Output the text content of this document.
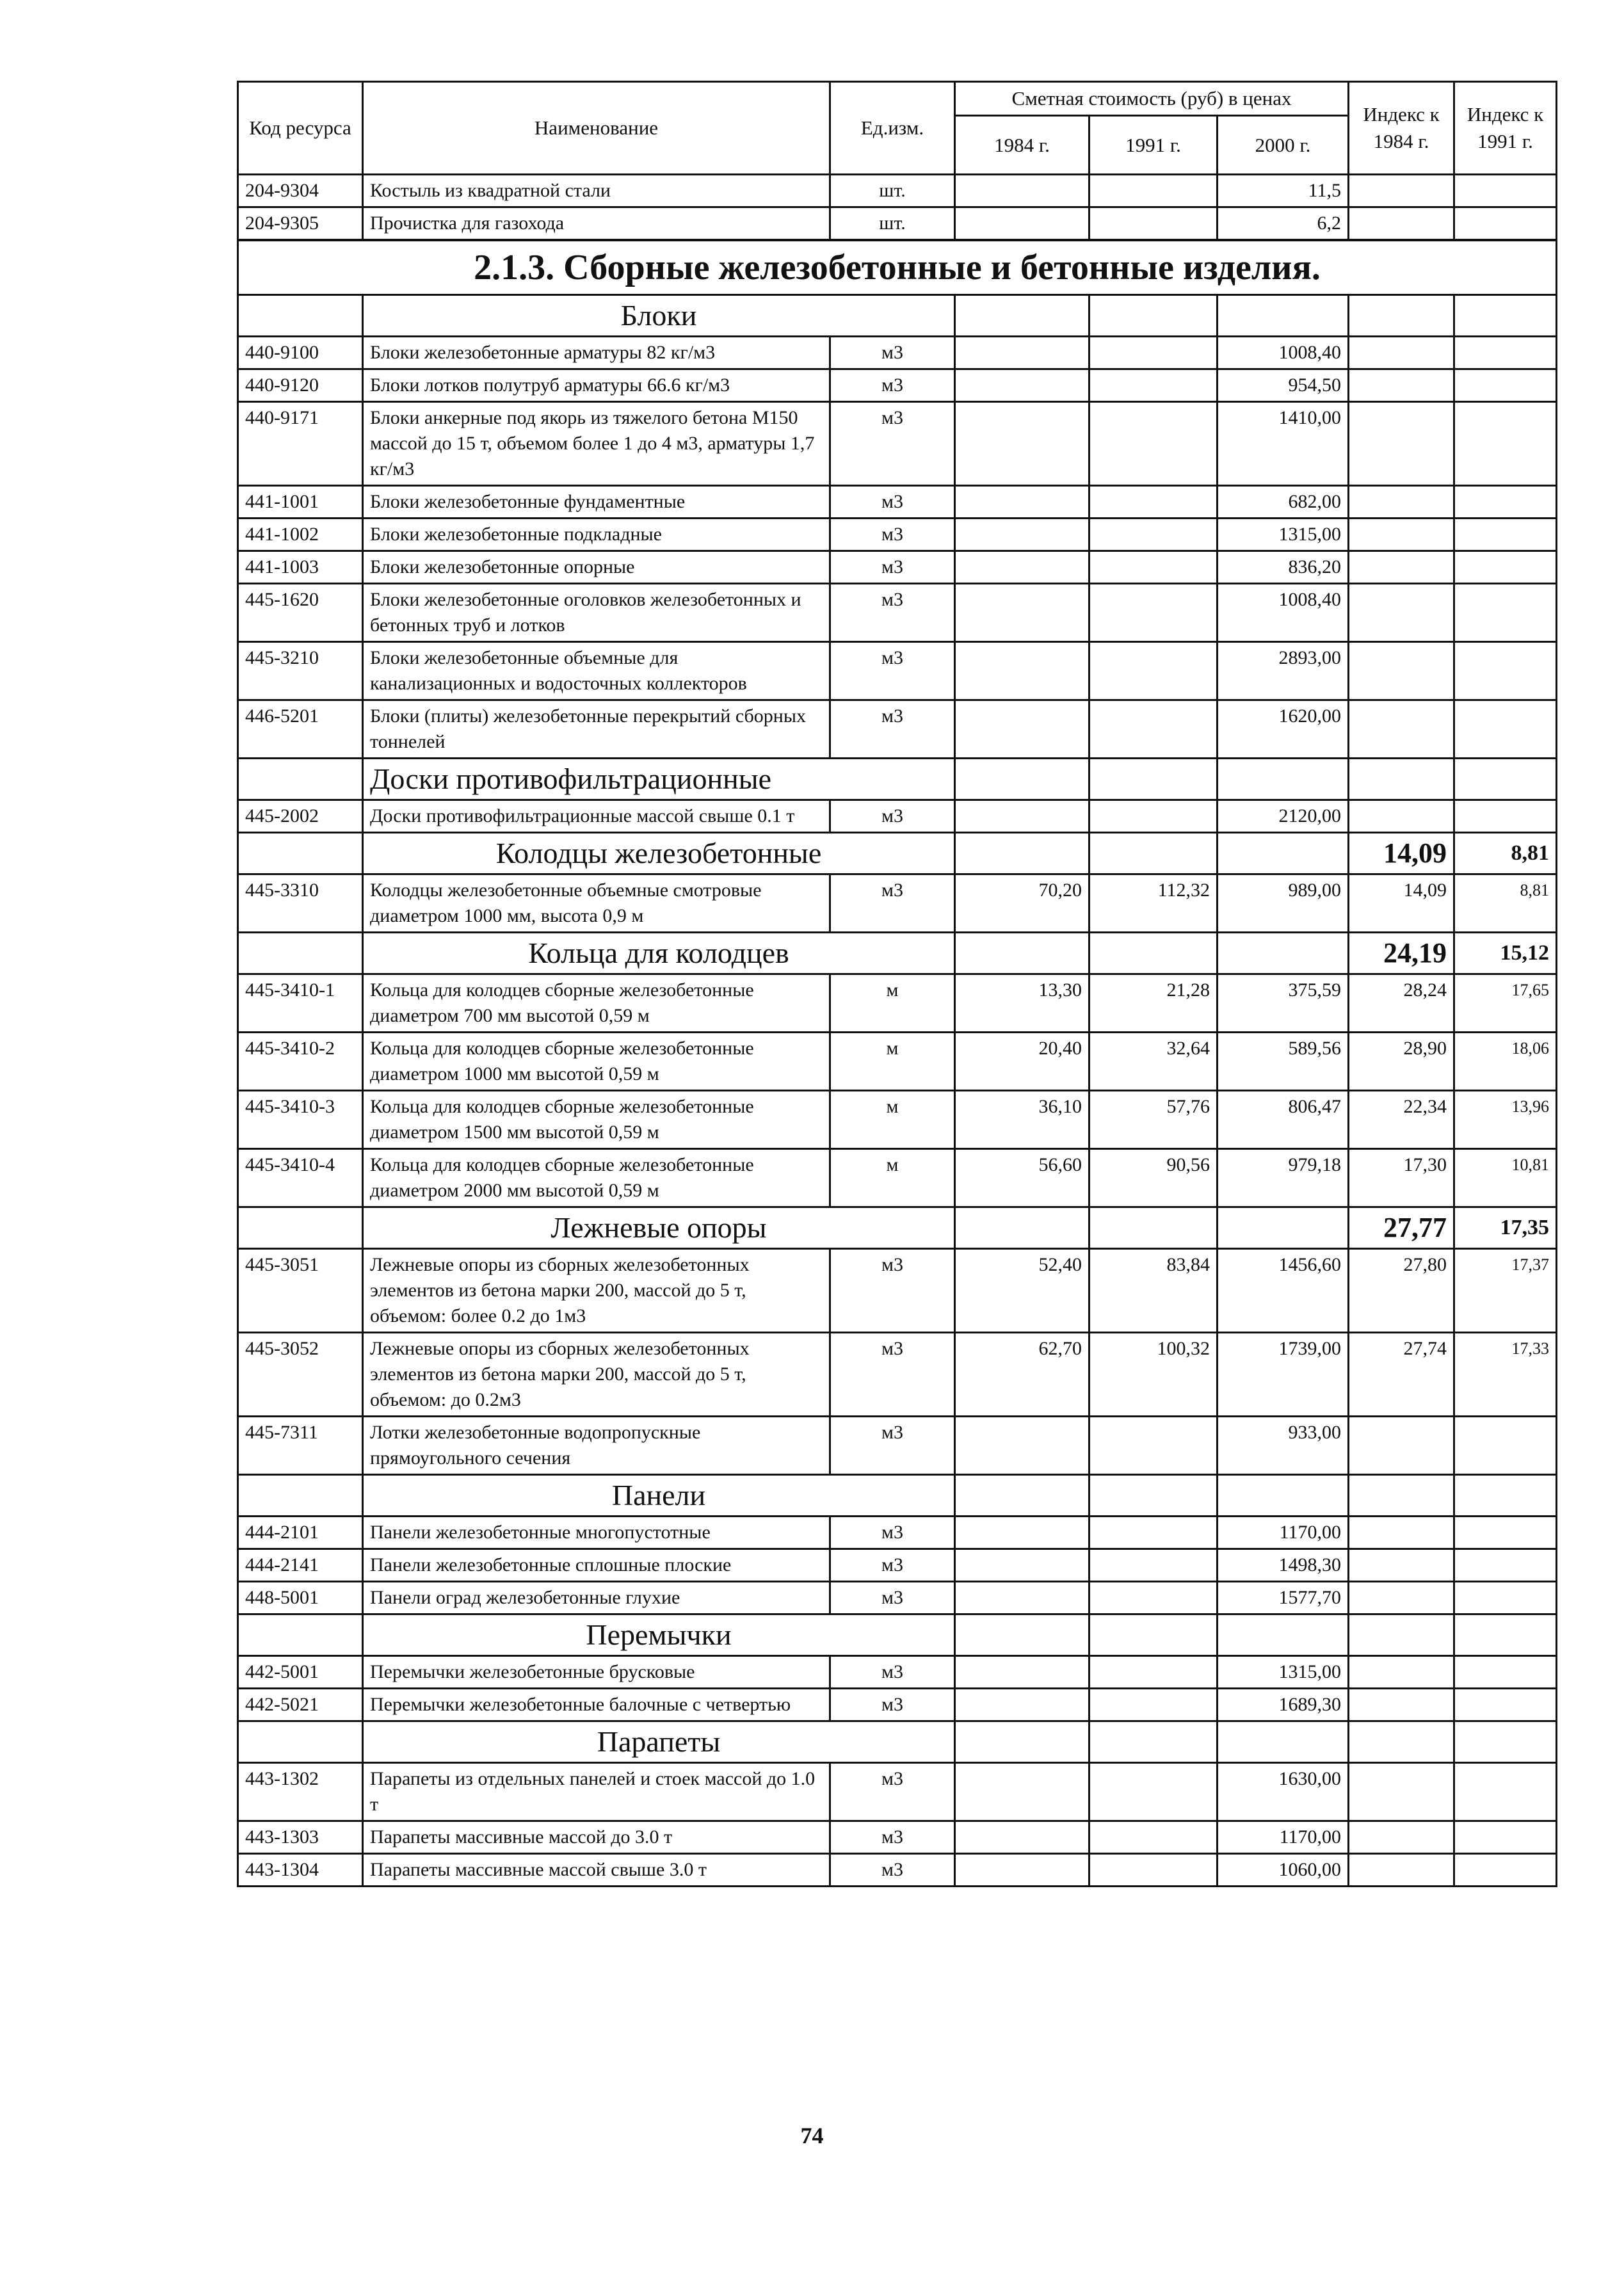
Код ресурса	Наименование	Ед.изм.	Сметная стоимость (руб) в ценах			Индекс к 1984 г.	Индекс к 1991 г.
			1984 г.	1991 г.	2000 г.		
204-9304	Костыль из квадратной стали	шт.			11,5		
204-9305	Прочистка для газохода	шт.			6,2		
2.1.3. Сборные железобетонные и бетонные изделия.							
	Блоки						
440-9100	Блоки железобетонные арматуры 82 кг/м3	м3			1008,40		
440-9120	Блоки лотков полутруб арматуры 66.6 кг/м3	м3			954,50		
440-9171	Блоки анкерные под якорь из тяжелого бетона М150 массой до 15 т, объемом более 1 до 4 м3, арматуры 1,7 кг/м3	м3			1410,00		
441-1001	Блоки железобетонные фундаментные	м3			682,00		
441-1002	Блоки железобетонные подкладные	м3			1315,00		
441-1003	Блоки железобетонные опорные	м3			836,20		
445-1620	Блоки железобетонные оголовков железобетонных и бетонных труб и лотков	м3			1008,40		
445-3210	Блоки железобетонные объемные для канализационных и водосточных коллекторов	м3			2893,00		
446-5201	Блоки (плиты) железобетонные перекрытий сборных тоннелей	м3			1620,00		
	Доски противофильтрационные						
445-2002	Доски противофильтрационные массой свыше 0.1 т	м3			2120,00		
	Колодцы железобетонные					14,09	8,81
445-3310	Колодцы железобетонные объемные смотровые диаметром 1000 мм, высота 0,9 м	м3	70,20	112,32	989,00	14,09	8,81
	Кольца для колодцев					24,19	15,12
445-3410-1	Кольца для колодцев сборные железобетонные диаметром 700 мм высотой 0,59 м	м	13,30	21,28	375,59	28,24	17,65
445-3410-2	Кольца для колодцев сборные железобетонные диаметром 1000 мм высотой 0,59 м	м	20,40	32,64	589,56	28,90	18,06
445-3410-3	Кольца для колодцев сборные железобетонные диаметром 1500 мм высотой 0,59 м	м	36,10	57,76	806,47	22,34	13,96
445-3410-4	Кольца для колодцев сборные железобетонные диаметром 2000 мм высотой 0,59 м	м	56,60	90,56	979,18	17,30	10,81
	Лежневые опоры					27,77	17,35
445-3051	Лежневые опоры из сборных железобетонных элементов из бетона марки 200, массой до 5 т, объемом: более 0.2 до 1м3	м3	52,40	83,84	1456,60	27,80	17,37
445-3052	Лежневые опоры из сборных железобетонных элементов из бетона марки 200, массой до 5 т, объемом: до 0.2м3	м3	62,70	100,32	1739,00	27,74	17,33
445-7311	Лотки железобетонные водопропускные прямоугольного сечения	м3			933,00		
	Панели						
444-2101	Панели железобетонные многопустотные	м3			1170,00		
444-2141	Панели железобетонные сплошные плоские	м3			1498,30		
448-5001	Панели оград железобетонные глухие	м3			1577,70		
	Перемычки						
442-5001	Перемычки железобетонные брусковые	м3			1315,00		
442-5021	Перемычки железобетонные балочные с четвертью	м3			1689,30		
	Парапеты						
443-1302	Парапеты из отдельных панелей и стоек массой до 1.0 т	м3			1630,00		
443-1303	Парапеты массивные массой до 3.0 т	м3			1170,00		
443-1304	Парапеты массивные массой свыше 3.0 т	м3			1060,00		
74
